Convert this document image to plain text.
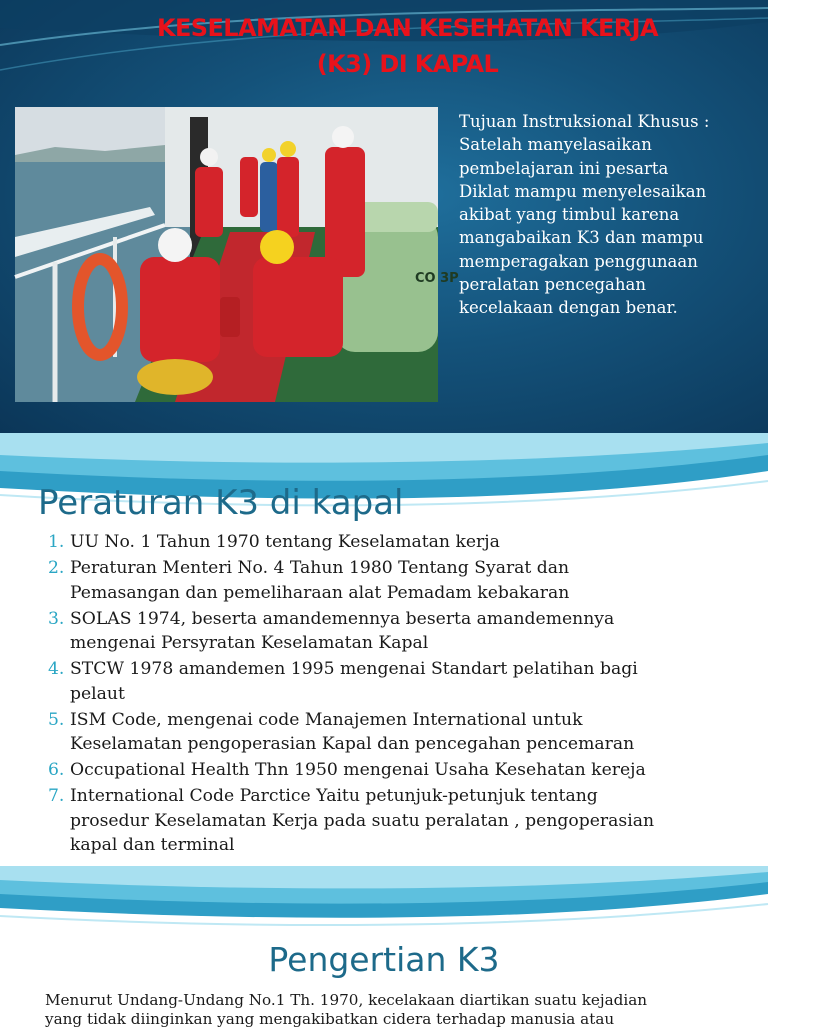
KESELAMATAN DAN KESEHATAN KERJA
(K3) DI KAPAL
CO 3P

Tujuan Instruksional Khusus :

Satelah manyelasaikan

pembelajaran ini pesarta

Diklat mampu menyelesaikan

akibat yang timbul karena

mangabaikan K3 dan mampu

memperagakan penggunaan

peralatan pencegahan

kecelakaan dengan benar.

Peraturan K3 di kapal
1. UU No. 1 Tahun 1970 tentang Keselamatan kerja
2. Peraturan Menteri No. 4 Tahun 1980 Tentang Syarat dan
Pemasangan dan pemeliharaan alat Pemadam kebakaran
3. SOLAS 1974, beserta amandemennya beserta amandemennya
mengenai Persyratan Keselamatan Kapal
4. STCW 1978 amandemen 1995 mengenai Standart pelatihan bagi
pelaut
5. ISM Code, mengenai code Manajemen International untuk
Keselamatan pengoperasian Kapal dan pencegahan pencemaran
6. Occupational Health Thn 1950 mengenai Usaha Kesehatan kereja
7. International Code Parctice Yaitu petunjuk-petunjuk tentang
prosedur Keselamatan Kerja pada suatu peralatan , pengoperasian
kapal dan terminal
Pengertian K3

Menurut Undang-Undang No.1 Th. 1970, kecelakaan diartikan suatu kejadian
yang tidak diinginkan yang mengakibatkan cidera terhadap manusia atau
